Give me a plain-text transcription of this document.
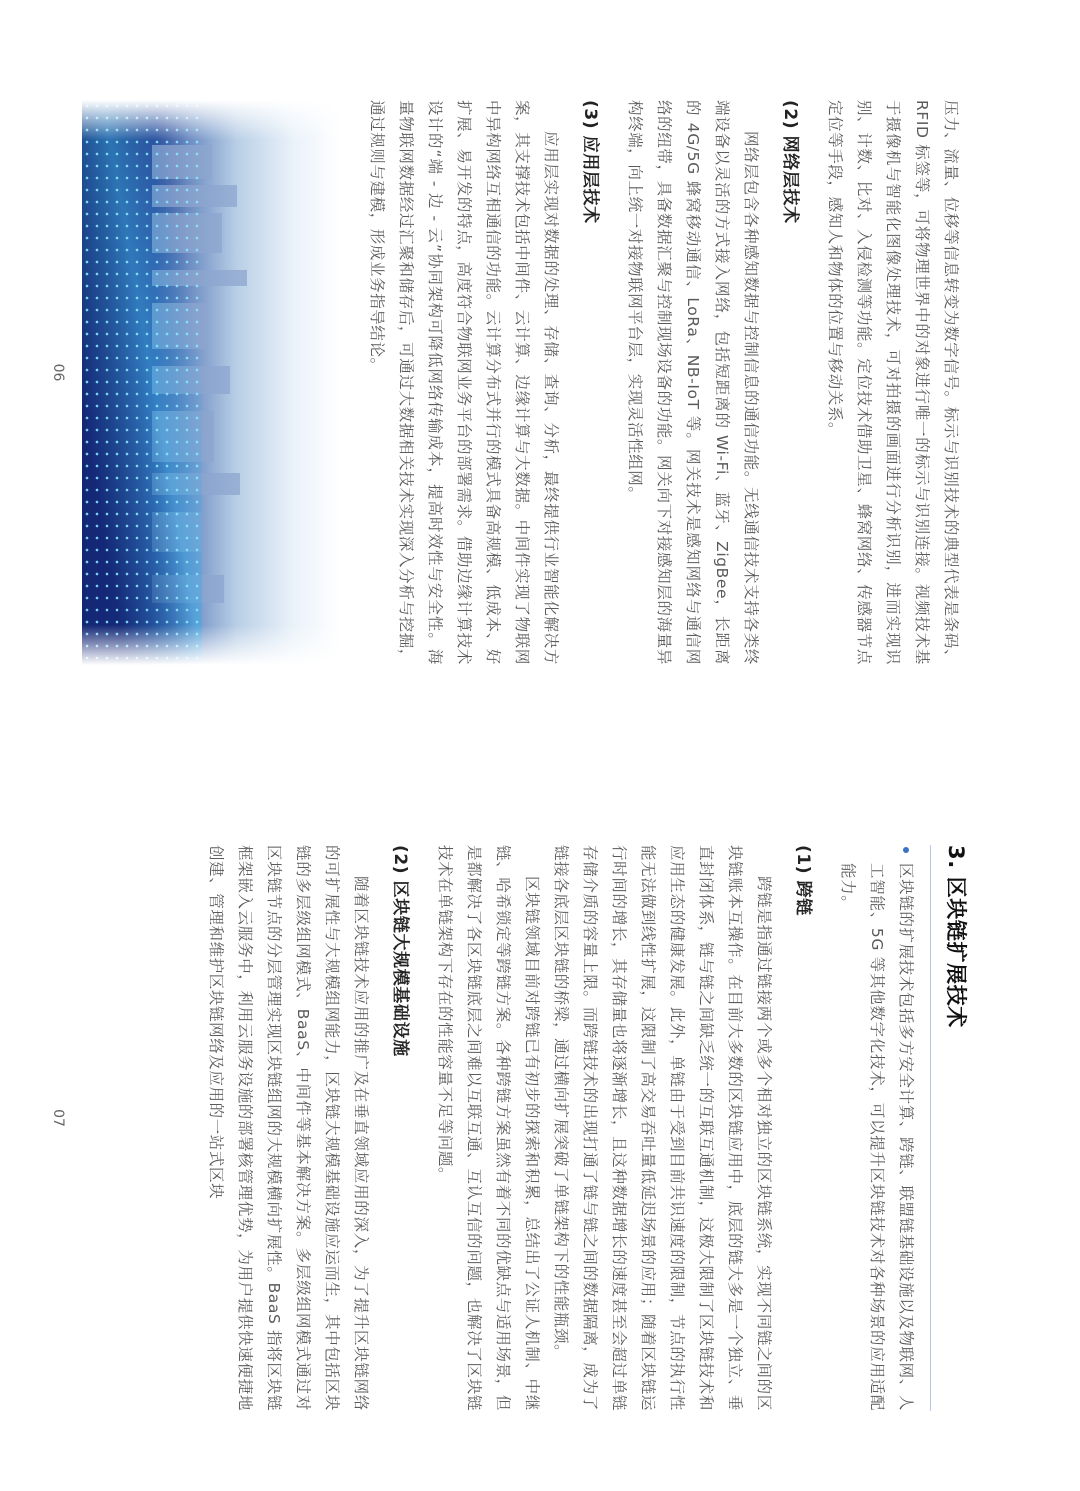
压力、流量、位移等信息转变为数字信号。标示与识别技术的典型代表是条码、RFID 标签等，可将物理世界中的对象进行唯一的标示与识别连接。视频技术基于摄像机与智能化图像处理技术，可对拍摄的画面进行分析识别，进而实现识别、计数、比对、入侵检测等功能。定位技术借助卫星、蜂窝网络、传感器节点定位等手段，感知人和物体的位置与移动关系。

(2) 网络层技术

网络层包含各种感知数据与控制信息的通信功能。无线通信技术支持各类终端设备以灵活的方式接入网络，包括短距离的 Wi-Fi、蓝牙、ZigBee，长距离的 4G/5G 蜂窝移动通信、LoRa、NB-IoT 等。网关技术是感知网络与通信网络的纽带，具备数据汇聚与控制现场设备的功能。网关向下对接感知层的海量异构终端，向上统一对接物联网平台层，实现灵活性组网。

(3) 应用层技术

应用层实现对数据的处理、存储、查询、分析，最终提供行业智能化解决方案，其支撑技术包括中间件、云计算、边缘计算与大数据。中间件实现了物联网中异构网络互相通信的功能。云计算分布式并行的模式具备高规模、低成本、好扩展、易开发的特点，高度符合物联网业务平台的部署需求。借助边缘计算技术设计的“端 - 边 - 云”协同架构可降低网络传输成本，提高时效性与安全性。海量物联网数据经过汇聚和储存后，可通过大数据相关技术实现深入分析与挖掘，通过规则与建模，形成业务指导结论。

06
3. 区块链扩展技术

区块链的扩展技术包括多方安全计算、跨链、联盟链基础设施以及物联网、人工智能、5G 等其他数字化技术，可以提升区块链技术对各种场景的应用适配能力。

(1) 跨链

跨链是指通过链接两个或多个相对独立的区块链系统，实现不同链之间的区块链账本互操作。在目前大多数的区块链应用中，底层的链大多是一个独立、垂直封闭体系，链与链之间缺乏统一的互联互通机制，这极大限制了区块链技术和应用生态的健康发展。此外，单链由于受到目前共识速度的限制，节点的执行性能无法做到线性扩展，这限制了高交易吞吐量低延迟场景的应用；随着区块链运行时间的增长，其存储量也将逐渐增长，且这种数据增长的速度甚至会超过单链存储介质的容量上限。而跨链技术的出现打通了链与链之间的数据隔离，成为了链接各底层区块链的桥梁，通过横向扩展突破了单链架构下的性能瓶颈。

区块链领域目前对跨链已有初步的探索和积累，总结出了公证人机制、中继链、哈希锁定等跨链方案。各种跨链方案虽然有着不同的优缺点与适用场景，但是都解决了各区块链底层之间难以互联互通、互认互信的问题，也解决了区块链技术在单链架构下存在的性能容量不足等问题。

(2) 区块链大规模基础设施

随着区块链技术应用的推广及在垂直领域应用的深入，为了提升区块链网络的可扩展性与大规模组网能力，区块链大规模基础设施应运而生，其中包括区块链的多层级组网模式、BaaS、中间件等基本解决方案。多层级组网模式通过对区块链节点的分层管理实现区块链组网的大规模横向扩展性。BaaS 指将区块链框架嵌入云服务中，利用云服务设施的部署核管理优势，为用户提供快速便捷地创建、管理和维护区块链网络及应用的一站式区块

07
